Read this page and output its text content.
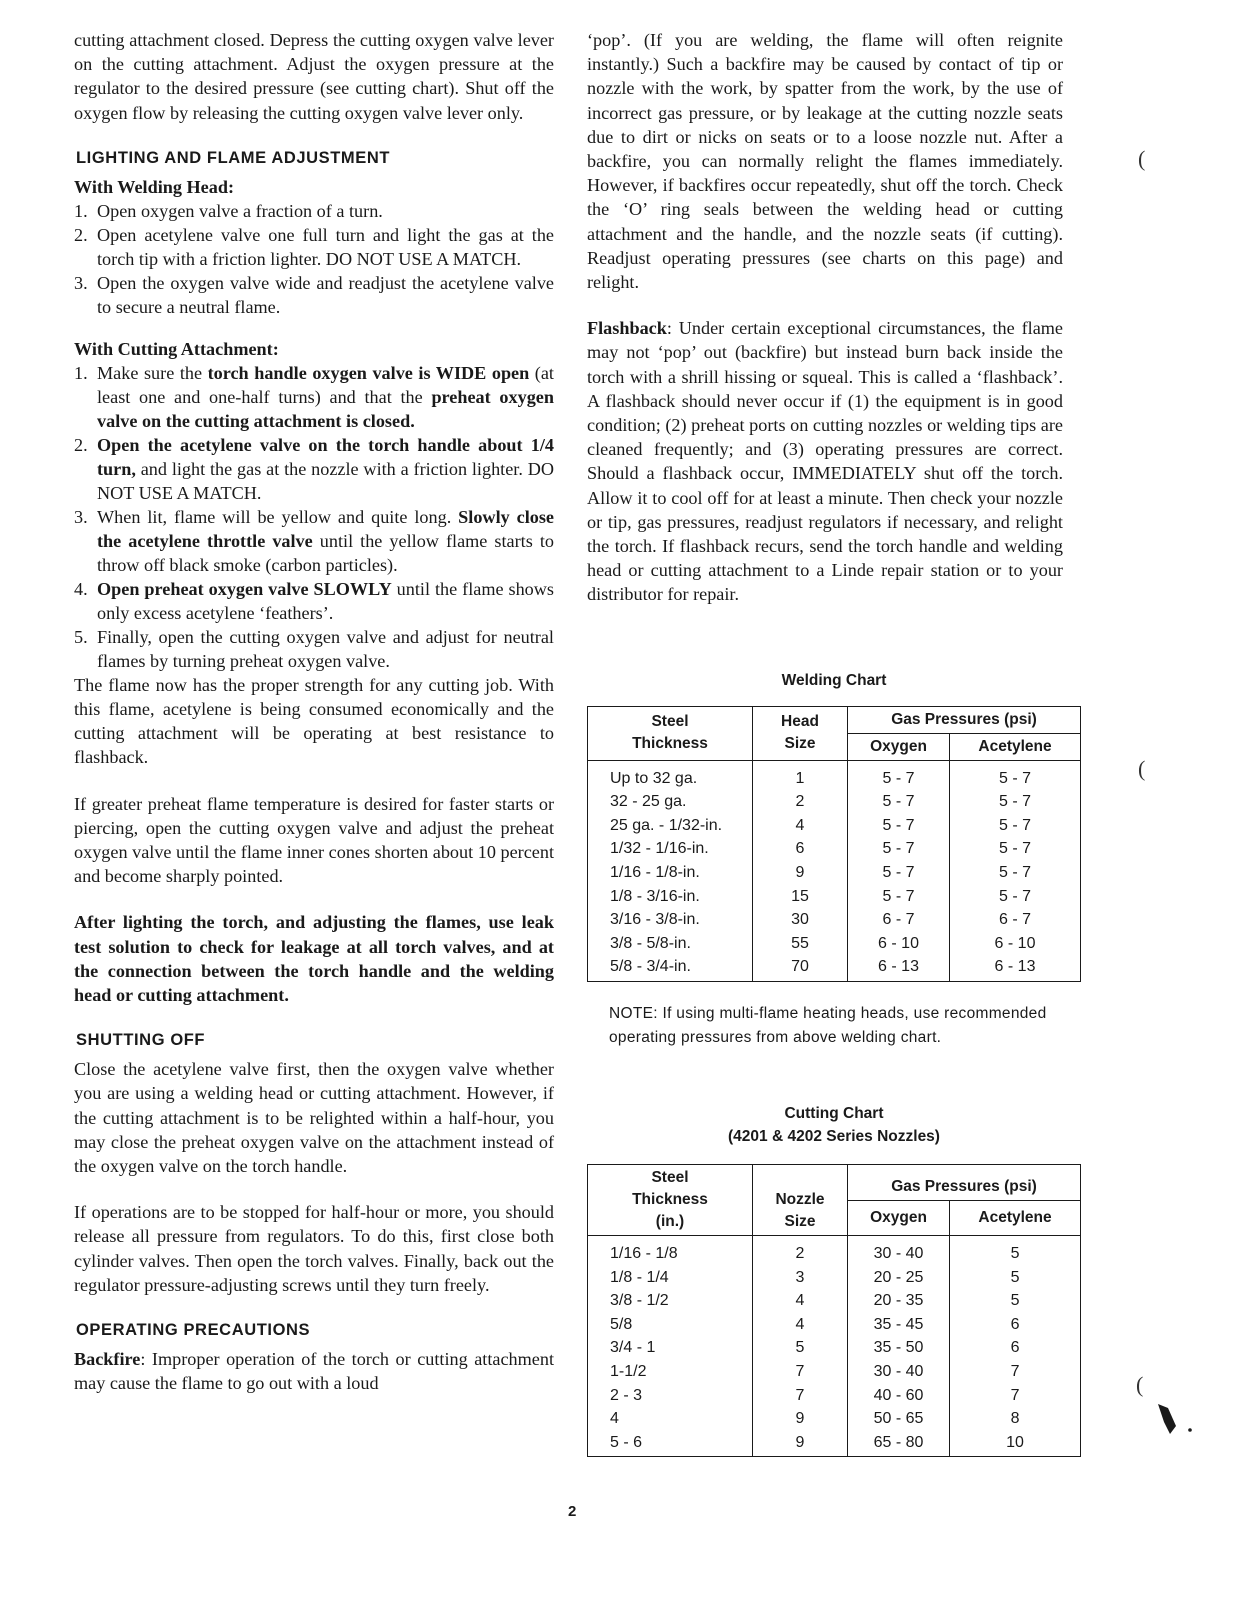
cutting attachment closed. Depress the cutting oxygen valve lever on the cutting attachment. Adjust the oxygen pressure at the regulator to the desired pressure (see cutting chart). Shut off the oxygen flow by releasing the cutting oxygen valve lever only.

LIGHTING AND FLAME ADJUSTMENT

With Welding Head:

1. Open oxygen valve a fraction of a turn.
2. Open acetylene valve one full turn and light the gas at the torch tip with a friction lighter. DO NOT USE A MATCH.
3. Open the oxygen valve wide and readjust the acetylene valve to secure a neutral flame.

With Cutting Attachment:

1. Make sure the torch handle oxygen valve is WIDE open (at least one and one-half turns) and that the preheat oxygen valve on the cutting attachment is closed.
2. Open the acetylene valve on the torch handle about 1/4 turn, and light the gas at the nozzle with a friction lighter. DO NOT USE A MATCH.
3. When lit, flame will be yellow and quite long. Slowly close the acetylene throttle valve until the yellow flame starts to throw off black smoke (carbon particles).
4. Open preheat oxygen valve SLOWLY until the flame shows only excess acetylene ‘feathers’.
5. Finally, open the cutting oxygen valve and adjust for neutral flames by turning preheat oxygen valve.

The flame now has the proper strength for any cutting job. With this flame, acetylene is being consumed economically and the cutting attachment will be operating at best resistance to flashback.

If greater preheat flame temperature is desired for faster starts or piercing, open the cutting oxygen valve and adjust the preheat oxygen valve until the flame inner cones shorten about 10 percent and become sharply pointed.

After lighting the torch, and adjusting the flames, use leak test solution to check for leakage at all torch valves, and at the connection between the torch handle and the welding head or cutting attachment.

SHUTTING OFF

Close the acetylene valve first, then the oxygen valve whether you are using a welding head or cutting attachment. However, if the cutting attachment is to be relighted within a half-hour, you may close the preheat oxygen valve on the attachment instead of the oxygen valve on the torch handle.

If operations are to be stopped for half-hour or more, you should release all pressure from regulators. To do this, first close both cylinder valves. Then open the torch valves. Finally, back out the regulator pressure-adjusting screws until they turn freely.

OPERATING PRECAUTIONS

Backfire: Improper operation of the torch or cutting attachment may cause the flame to go out with a loud

‘pop’. (If you are welding, the flame will often reignite instantly.) Such a backfire may be caused by contact of tip or nozzle with the work, by spatter from the work, by the use of incorrect gas pressure, or by leakage at the cutting nozzle seats due to dirt or nicks on seats or to a loose nozzle nut. After a backfire, you can normally relight the flames immediately. However, if backfires occur repeatedly, shut off the torch. Check the ‘O’ ring seals between the welding head or cutting attachment and the handle, and the nozzle seats (if cutting). Readjust operating pressures (see charts on this page) and relight.

Flashback: Under certain exceptional circumstances, the flame may not ‘pop’ out (backfire) but instead burn back inside the torch with a shrill hissing or squeal. This is called a ‘flashback’. A flashback should never occur if (1) the equipment is in good condition; (2) preheat ports on cutting nozzles or welding tips are cleaned frequently; and (3) operating pressures are correct. Should a flashback occur, IMMEDIATELY shut off the torch. Allow it to cool off for at least a minute. Then check your nozzle or tip, gas pressures, readjust regulators if necessary, and relight the torch. If flashback recurs, send the torch handle and welding head or cutting attachment to a Linde repair station or to your distributor for repair.

Welding Chart
Steel
Thickness	Head
Size	Gas Pressures (psi)	
		Oxygen	Acetylene
Up to 32 ga.	1	5 - 7	5 - 7
32 - 25 ga.	2	5 - 7	5 - 7
25 ga. - 1/32-in.	4	5 - 7	5 - 7
1/32 - 1/16-in.	6	5 - 7	5 - 7
1/16 - 1/8-in.	9	5 - 7	5 - 7
1/8 - 3/16-in.	15	5 - 7	5 - 7
3/16 - 3/8-in.	30	6 - 7	6 - 7
3/8 - 5/8-in.	55	6 - 10	6 - 10
5/8 - 3/4-in.	70	6 - 13	6 - 13

NOTE: If using multi-flame heating heads, use recommended operating pressures from above welding chart.

Cutting Chart
(4201 & 4202 Series Nozzles)
Steel
Thickness
(in.)	Nozzle
Size	Gas Pressures (psi)	
		Oxygen	Acetylene
1/16 - 1/8	2	30 - 40	5
1/8 - 1/4	3	20 - 25	5
3/8 - 1/2	4	20 - 35	5
5/8	4	35 - 45	6
3/4 - 1	5	35 - 50	6
1-1/2	7	30 - 40	7
2 - 3	7	40 - 60	7
4	9	50 - 65	8
5 - 6	9	65 - 80	10
(
(
(
2
